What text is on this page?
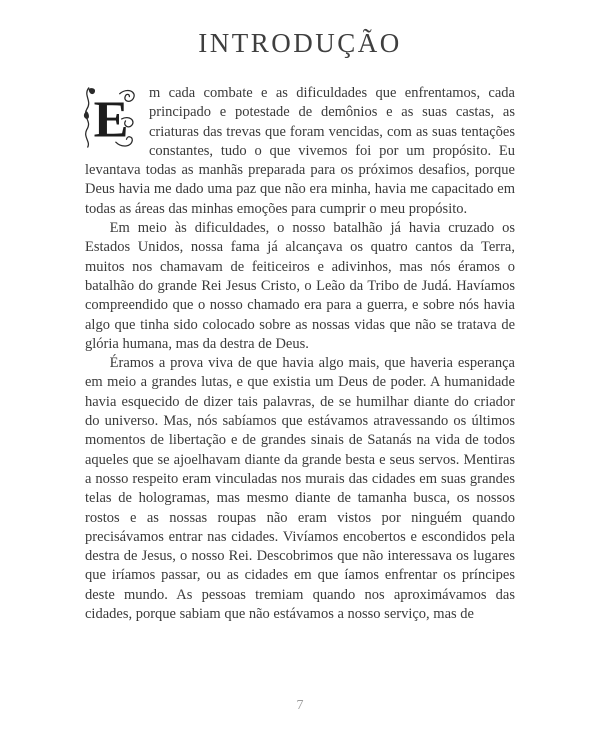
INTRODUÇÃO

E m cada combate e as dificuldades que enfrentamos, cada principado e potestade de demônios e as suas castas, as criaturas das trevas que foram vencidas, com as suas tentações constantes, tudo o que vivemos foi por um propósito. Eu levantava todas as manhãs preparada para os próximos desafios, porque Deus havia me dado uma paz que não era minha, havia me capacitado em todas as áreas das minhas emoções para cumprir o meu propósito.

Em meio às dificuldades, o nosso batalhão já havia cruzado os Estados Unidos, nossa fama já alcançava os quatro cantos da Terra, muitos nos chamavam de feiticeiros e adivinhos, mas nós éramos o batalhão do grande Rei Jesus Cristo, o Leão da Tribo de Judá. Havíamos compreendido que o nosso chamado era para a guerra, e sobre nós havia algo que tinha sido colocado sobre as nossas vidas que não se tratava de glória humana, mas da destra de Deus.

Éramos a prova viva de que havia algo mais, que haveria esperança em meio a grandes lutas, e que existia um Deus de poder. A humanidade havia esquecido de dizer tais palavras, de se humilhar diante do criador do universo. Mas, nós sabíamos que estávamos atravessando os últimos momentos de libertação e de grandes sinais de Satanás na vida de todos aqueles que se ajoelhavam diante da grande besta e seus servos. Mentiras a nosso respeito eram vinculadas nos murais das cidades em suas grandes telas de hologramas, mas mesmo diante de tamanha busca, os nossos rostos e as nossas roupas não eram vistos por ninguém quando precisávamos entrar nas cidades. Vivíamos encobertos e escondidos pela destra de Jesus, o nosso Rei. Descobrimos que não interessava os lugares que iríamos passar, ou as cidades em que íamos enfrentar os príncipes deste mundo. As pessoas tremiam quando nos aproximávamos das cidades, porque sabiam que não estávamos a nosso serviço, mas de

7
